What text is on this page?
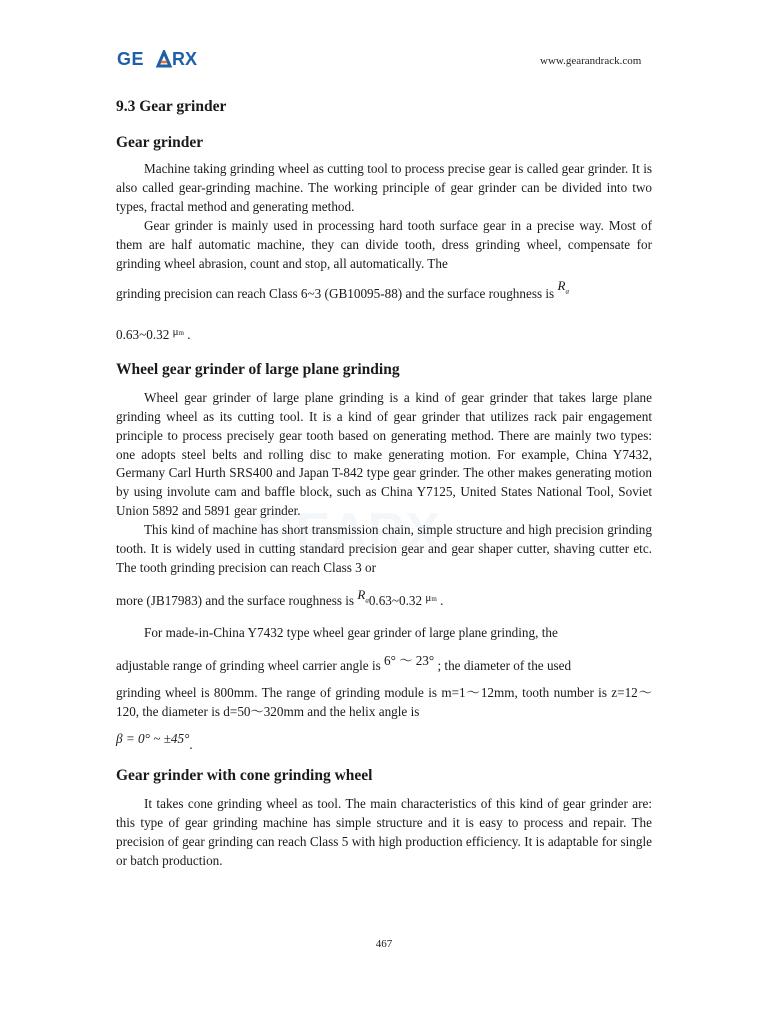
GE RX	www.gearandrack.com
9.3 Gear grinder
Gear grinder

Machine taking grinding wheel as cutting tool to process precise gear is called gear grinder. It is also called gear-grinding machine. The working principle of gear grinder can be divided into two types, fractal method and generating method.

Gear grinder is mainly used in processing hard tooth surface gear in a precise way. Most of them are half automatic machine, they can divide tooth, dress grinding wheel, compensate for grinding wheel abrasion, count and stop, all automatically. The

grinding precision can reach Class 6~3 (GB10095-88) and the surface roughness is $R_a$
0.63~0.32 $^{\mu m}$ .
Wheel gear grinder of large plane grinding

Wheel gear grinder of large plane grinding is a kind of gear grinder that takes large plane grinding wheel as its cutting tool. It is a kind of gear grinder that utilizes rack pair engagement principle to process precisely gear tooth based on generating method. There are mainly two types: one adopts steel belts and rolling disc to make generating motion. For example, China Y7432, Germany Carl Hurth SRS400 and Japan T-842 type gear grinder. The other makes generating motion by using involute cam and baffle block, such as China Y7125, United States National Tool, Soviet Union 5892 and 5891 gear grinder.

This kind of machine has short transmission chain, simple structure and high precision grinding tooth. It is widely used in cutting standard precision gear and gear shaper cutter, shaving cutter etc. The tooth grinding precision can reach Class 3 or

more (JB17983) and the surface roughness is $R_a0.63\sim 0.32$ $^{\mu m}$ .
For made-in-China Y7432 type wheel gear grinder of large plane grinding, the
adjustable range of grinding wheel carrier angle is 6° ～ 23° ; the diameter of the used

grinding wheel is 800mm. The range of grinding module is m=1～12mm, tooth number is z=12～120, the diameter is d=50～320mm and the helix angle is

β = 0° ~ ±45°.
Gear grinder with cone grinding wheel

It takes cone grinding wheel as tool. The main characteristics of this kind of gear grinder are: this type of gear grinding machine has simple structure and it is easy to process and repair. The precision of gear grinding can reach Class 5 with high production efficiency. It is adaptable for single or batch production.

467
